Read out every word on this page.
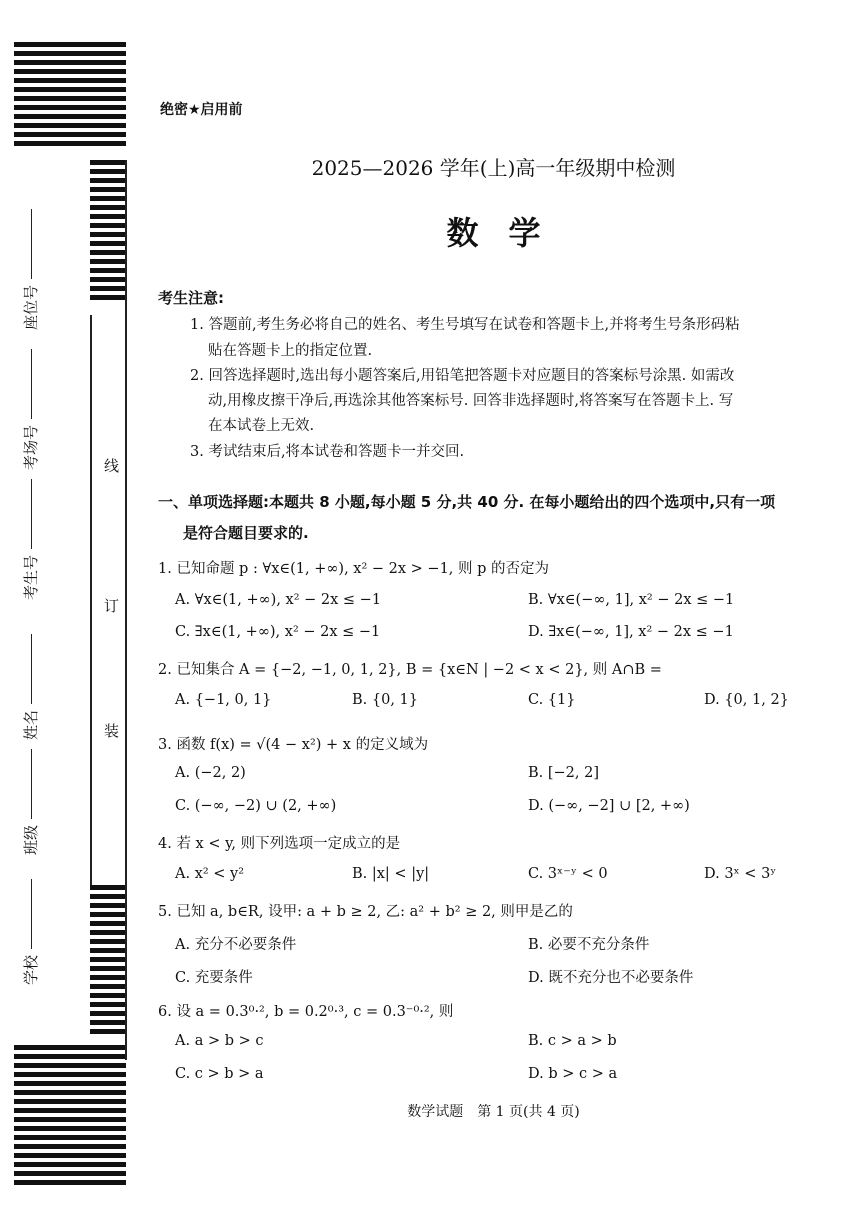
座位号
考场号
考生号
姓名
班级
学校
线
订
装
绝密★启用前
2025—2026 学年(上)高一年级期中检测
数学
考生注意:
1. 答题前,考生务必将自己的姓名、考生号填写在试卷和答题卡上,并将考生号条形码粘
贴在答题卡上的指定位置.
2. 回答选择题时,选出每小题答案后,用铅笔把答题卡对应题目的答案标号涂黑. 如需改
动,用橡皮擦干净后,再选涂其他答案标号. 回答非选择题时,将答案写在答题卡上. 写
在本试卷上无效.
3. 考试结束后,将本试卷和答题卡一并交回.
一、单项选择题:本题共 8 小题,每小题 5 分,共 40 分. 在每小题给出的四个选项中,只有一项
是符合题目要求的.
1. 已知命题 p : ∀x∈(1, +∞), x² − 2x > −1, 则 p 的否定为
A. ∀x∈(1, +∞), x² − 2x ≤ −1	B. ∀x∈(−∞, 1], x² − 2x ≤ −1
C. ∃x∈(1, +∞), x² − 2x ≤ −1	D. ∃x∈(−∞, 1], x² − 2x ≤ −1
2. 已知集合 A = {−2, −1, 0, 1, 2}, B = {x∈N | −2 < x < 2}, 则 A∩B =
A. {−1, 0, 1}	B. {0, 1}	C. {1}	D. {0, 1, 2}
3. 函数 f(x) = √(4 − x²) + x 的定义域为
A. (−2, 2)	B. [−2, 2]
C. (−∞, −2) ∪ (2, +∞)	D. (−∞, −2] ∪ [2, +∞)
4. 若 x < y, 则下列选项一定成立的是
A. x² < y²	B. |x| < |y|	C. 3ˣ⁻ʸ < 0	D. 3ˣ < 3ʸ
5. 已知 a, b∈R, 设甲: a + b ≥ 2, 乙: a² + b² ≥ 2, 则甲是乙的
A. 充分不必要条件	B. 必要不充分条件
C. 充要条件	D. 既不充分也不必要条件
6. 设 a = 0.3⁰·², b = 0.2⁰·³, c = 0.3⁻⁰·², 则
A. a > b > c	B. c > a > b
C. c > b > a	D. b > c > a
数学试题　第 1 页(共 4 页)
